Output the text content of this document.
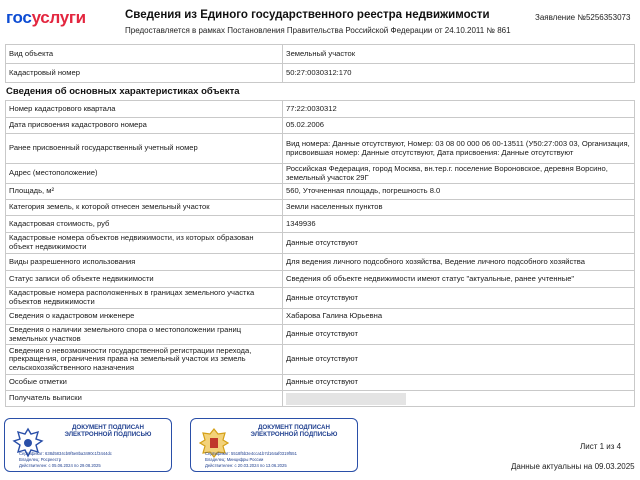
госуслуги	Сведения из Единого государственного реестра недвижимости
Предоставляется в рамках Постановления Правительства Российской Федерации от 24.10.2011 № 861
Заявление №5256353073
Вид объекта	Земельный участок
Кадастровый номер	50:27:0030312:170
Сведения об основных характеристиках объекта
Номер кадастрового квартала	77:22:0030312
Дата присвоения кадастрового номера	05.02.2006
Ранее присвоенный государственный учетный номер	Вид номера: Данные отсутствуют, Номер: 03 08 00 000 06 00-13511 (У50:27:003 03, Организация, присвоившая номер: Данные отсутствуют, Дата присвоения: Данные отсутствуют
Адрес (местоположение)	Российская Федерация, город Москва, вн.тер.г. поселение Вороновское, деревня Ворсино, земельный участок 29Г
Площадь, м²	560, Уточненная площадь, погрешность 8.0
Категория земель, к которой отнесен земельный участок	Земли населенных пунктов
Кадастровая стоимость, руб	1349936
Кадастровые номера объектов недвижимости, из которых образован объект недвижимости	Данные отсутствуют
Виды разрешенного использования	Для ведения личного подсобного хозяйства, Ведение личного подсобного хозяйства
Статус записи об объекте недвижимости	Сведения об объекте недвижимости имеют статус "актуальные, ранее учтенные"
Кадастровые номера расположенных в границах земельного участка объектов недвижимости	Данные отсутствуют
Сведения о кадастровом инженере	Хабарова Галина Юрьевна
Сведения о наличии земельного спора о местоположении границ земельных участков	Данные отсутствуют
Сведения о невозможности государственной регистрации перехода, прекращения, ограничения права на земельный участок из земель сельскохозяйственного назначения	Данные отсутствуют
Особые отметки	Данные отсутствуют
Получатель выписки	

ДОКУМЕНТ ПОДПИСАН ЭЛЕКТРОННОЙ ПОДПИСЬЮ
Сертификат: 638d5834cb9f5e8ba3490c1f3444dc
Владелец: Росреестр
Действителен: с 05.06.2024 по 29.08.2025
ДОКУМЕНТ ПОДПИСАН ЭЛЕКТРОННОЙ ПОДПИСЬЮ
Сертификат: 5518f5b3e4cca1b7d164af0319f551
Владелец: Минцифры России
Действителен: с 20.03.2024 по 13.06.2025
Лист 1 из 4
Данные актуальны на 09.03.2025
